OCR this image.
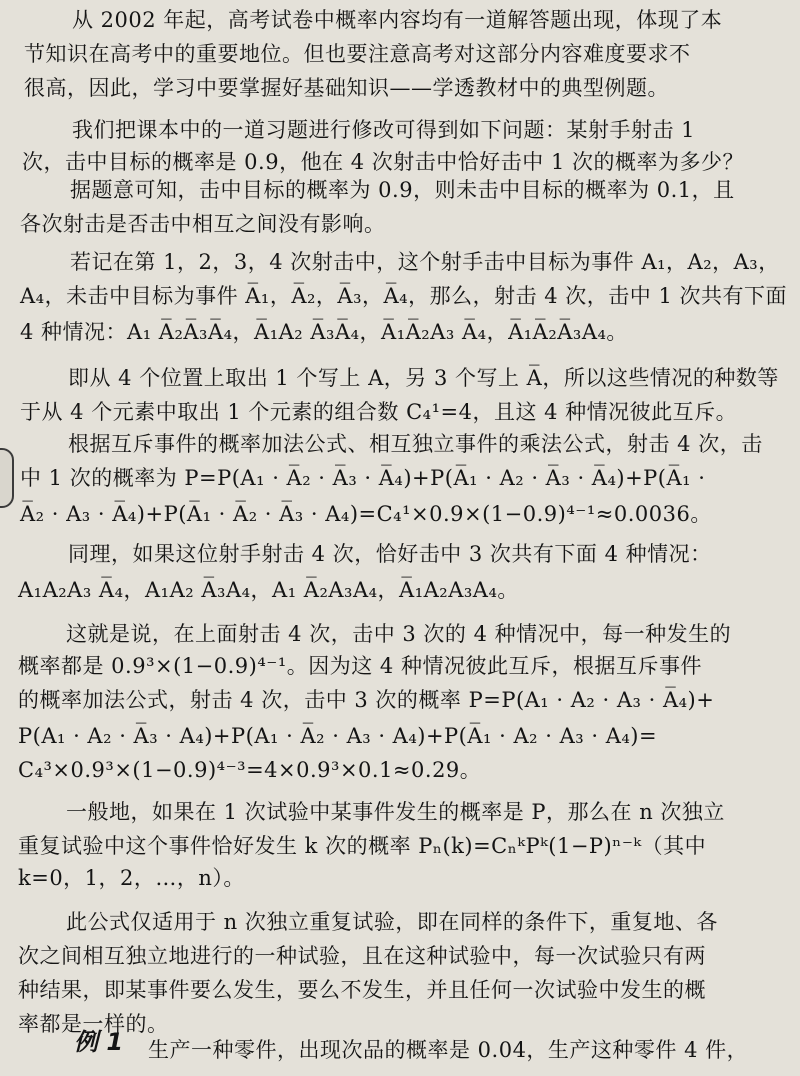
从 2002 年起，高考试卷中概率内容均有一道解答题出现，体现了本
节知识在高考中的重要地位。但也要注意高考对这部分内容难度要求不
很高，因此，学习中要掌握好基础知识——学透教材中的典型例题。
我们把课本中的一道习题进行修改可得到如下问题：某射手射击 1
次，击中目标的概率是 0.9，他在 4 次射击中恰好击中 1 次的概率为多少？
据题意可知，击中目标的概率为 0.9，则未击中目标的概率为 0.1，且
各次射击是否击中相互之间没有影响。
若记在第 1，2，3，4 次射击中，这个射手击中目标为事件 A₁，A₂，A₃，
A₄，未击中目标为事件 A̅₁，A̅₂，A̅₃，A̅₄，那么，射击 4 次，击中 1 次共有下面
4 种情况：A₁ A̅₂A̅₃A̅₄，A̅₁A₂ A̅₃A̅₄，A̅₁A̅₂A₃ A̅₄，A̅₁A̅₂A̅₃A₄。
即从 4 个位置上取出 1 个写上 A，另 3 个写上 A̅，所以这些情况的种数等
于从 4 个元素中取出 1 个元素的组合数 C₄¹=4，且这 4 种情况彼此互斥。
根据互斥事件的概率加法公式、相互独立事件的乘法公式，射击 4 次，击
中 1 次的概率为 P=P(A₁ · A̅₂ · A̅₃ · A̅₄)+P(A̅₁ · A₂ · A̅₃ · A̅₄)+P(A̅₁ ·
A̅₂ · A₃ · A̅₄)+P(A̅₁ · A̅₂ · A̅₃ · A₄)=C₄¹×0.9×(1−0.9)⁴⁻¹≈0.0036。
同理，如果这位射手射击 4 次，恰好击中 3 次共有下面 4 种情况：
A₁A₂A₃ A̅₄，A₁A₂ A̅₃A₄，A₁ A̅₂A₃A₄，A̅₁A₂A₃A₄。
这就是说，在上面射击 4 次，击中 3 次的 4 种情况中，每一种发生的
概率都是 0.9³×(1−0.9)⁴⁻¹。因为这 4 种情况彼此互斥，根据互斥事件
的概率加法公式，射击 4 次，击中 3 次的概率 P=P(A₁ · A₂ · A₃ · A̅₄)+
P(A₁ · A₂ · A̅₃ · A₄)+P(A₁ · A̅₂ · A₃ · A₄)+P(A̅₁ · A₂ · A₃ · A₄)=
C₄³×0.9³×(1−0.9)⁴⁻³=4×0.9³×0.1≈0.29。
一般地，如果在 1 次试验中某事件发生的概率是 P，那么在 n 次独立
重复试验中这个事件恰好发生 k 次的概率 Pₙ(k)=CₙᵏPᵏ(1−P)ⁿ⁻ᵏ（其中
k=0，1，2，…，n）。
此公式仅适用于 n 次独立重复试验，即在同样的条件下，重复地、各
次之间相互独立地进行的一种试验，且在这种试验中，每一次试验只有两
种结果，即某事件要么发生，要么不发生，并且任何一次试验中发生的概
率都是一样的。
例 1 生产一种零件，出现次品的概率是 0.04，生产这种零件 4 件，
